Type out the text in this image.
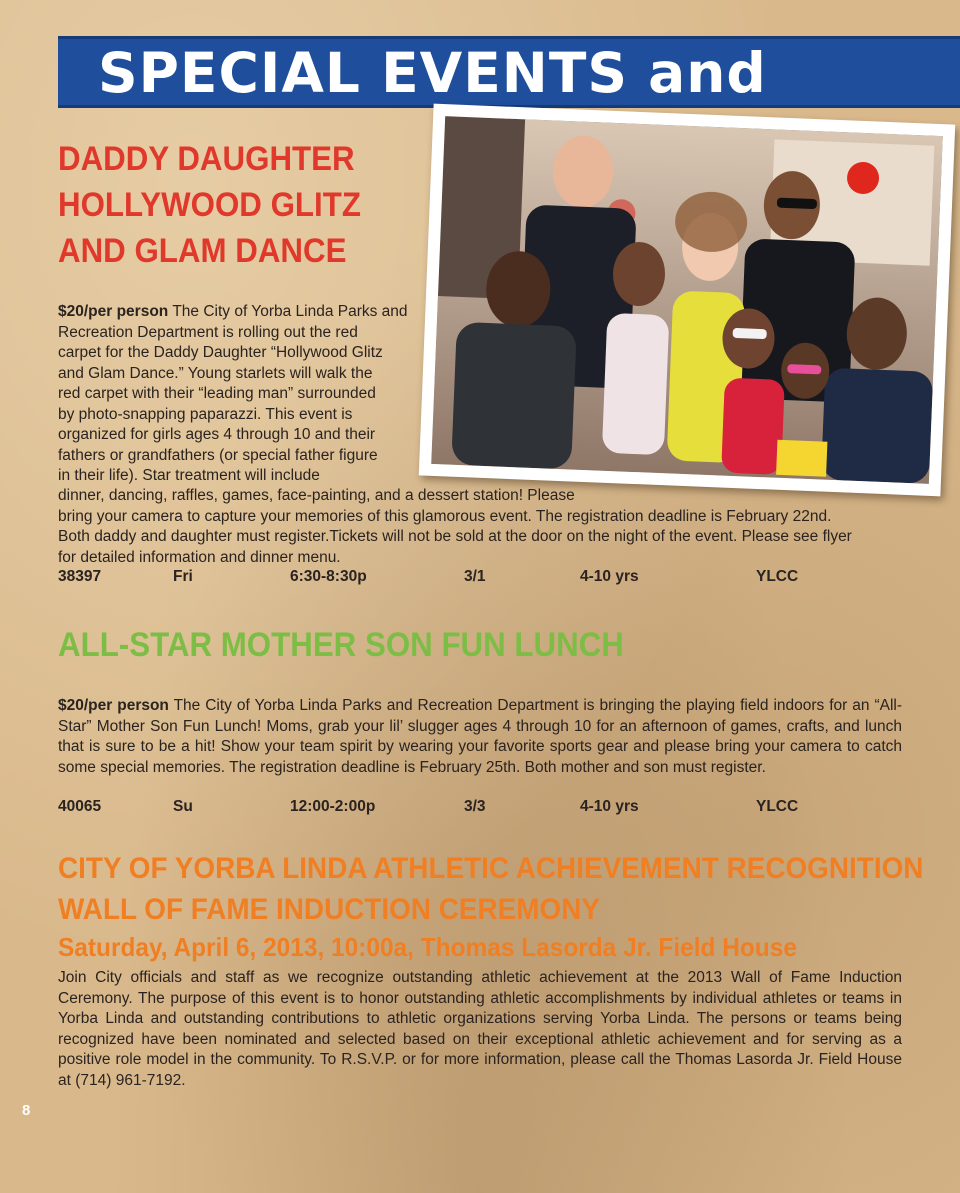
SPECIAL EVENTS and
DADDY DAUGHTER
HOLLYWOOD GLITZ
AND GLAM DANCE
$20/per person The City of Yorba Linda Parks and
Recreation Department is rolling out the red
carpet for the Daddy Daughter “Hollywood Glitz
and Glam Dance.” Young starlets will walk the
red carpet with their “leading man” surrounded
by photo-snapping paparazzi. This event is
organized for girls ages 4 through 10 and their
fathers or grandfathers (or special father figure
in their life). Star treatment will include
dinner, dancing, raffles, games, face-painting, and a dessert station! Please
bring your camera to capture your memories of this glamorous event. The registration deadline is February 22nd.
Both daddy and daughter must register.Tickets will not be sold at the door on the night of the event. Please see flyer
for detailed information and dinner menu.
38397	Fri	6:30-8:30p	3/1	4-10 yrs	YLCC
ALL-STAR MOTHER SON FUN LUNCH
$20/per person The City of Yorba Linda Parks and Recreation Department is bringing the playing field indoors for an “All-Star” Mother Son Fun Lunch! Moms, grab your lil’ slugger ages 4 through 10 for an afternoon of games, crafts, and lunch that is sure to be a hit! Show your team spirit by wearing your favorite sports gear and please bring your camera to catch some special memories. The registration deadline is February 25th. Both mother and son must register.
40065	Su	12:00-2:00p	3/3	4-10 yrs	YLCC
CITY OF YORBA LINDA ATHLETIC ACHIEVEMENT RECOGNITION
WALL OF FAME INDUCTION CEREMONY
Saturday, April 6, 2013, 10:00a, Thomas Lasorda Jr. Field House
Join City officials and staff as we recognize outstanding athletic achievement at the 2013 Wall of Fame Induction Ceremony. The purpose of this event is to honor outstanding athletic accomplishments by individual athletes or teams in Yorba Linda and outstanding contributions to athletic organizations serving Yorba Linda. The persons or teams being recognized have been nominated and selected based on their exceptional athletic achievement and for serving as a positive role model in the community. To R.S.V.P. or for more information, please call the Thomas Lasorda Jr. Field House at (714) 961-7192.
8
